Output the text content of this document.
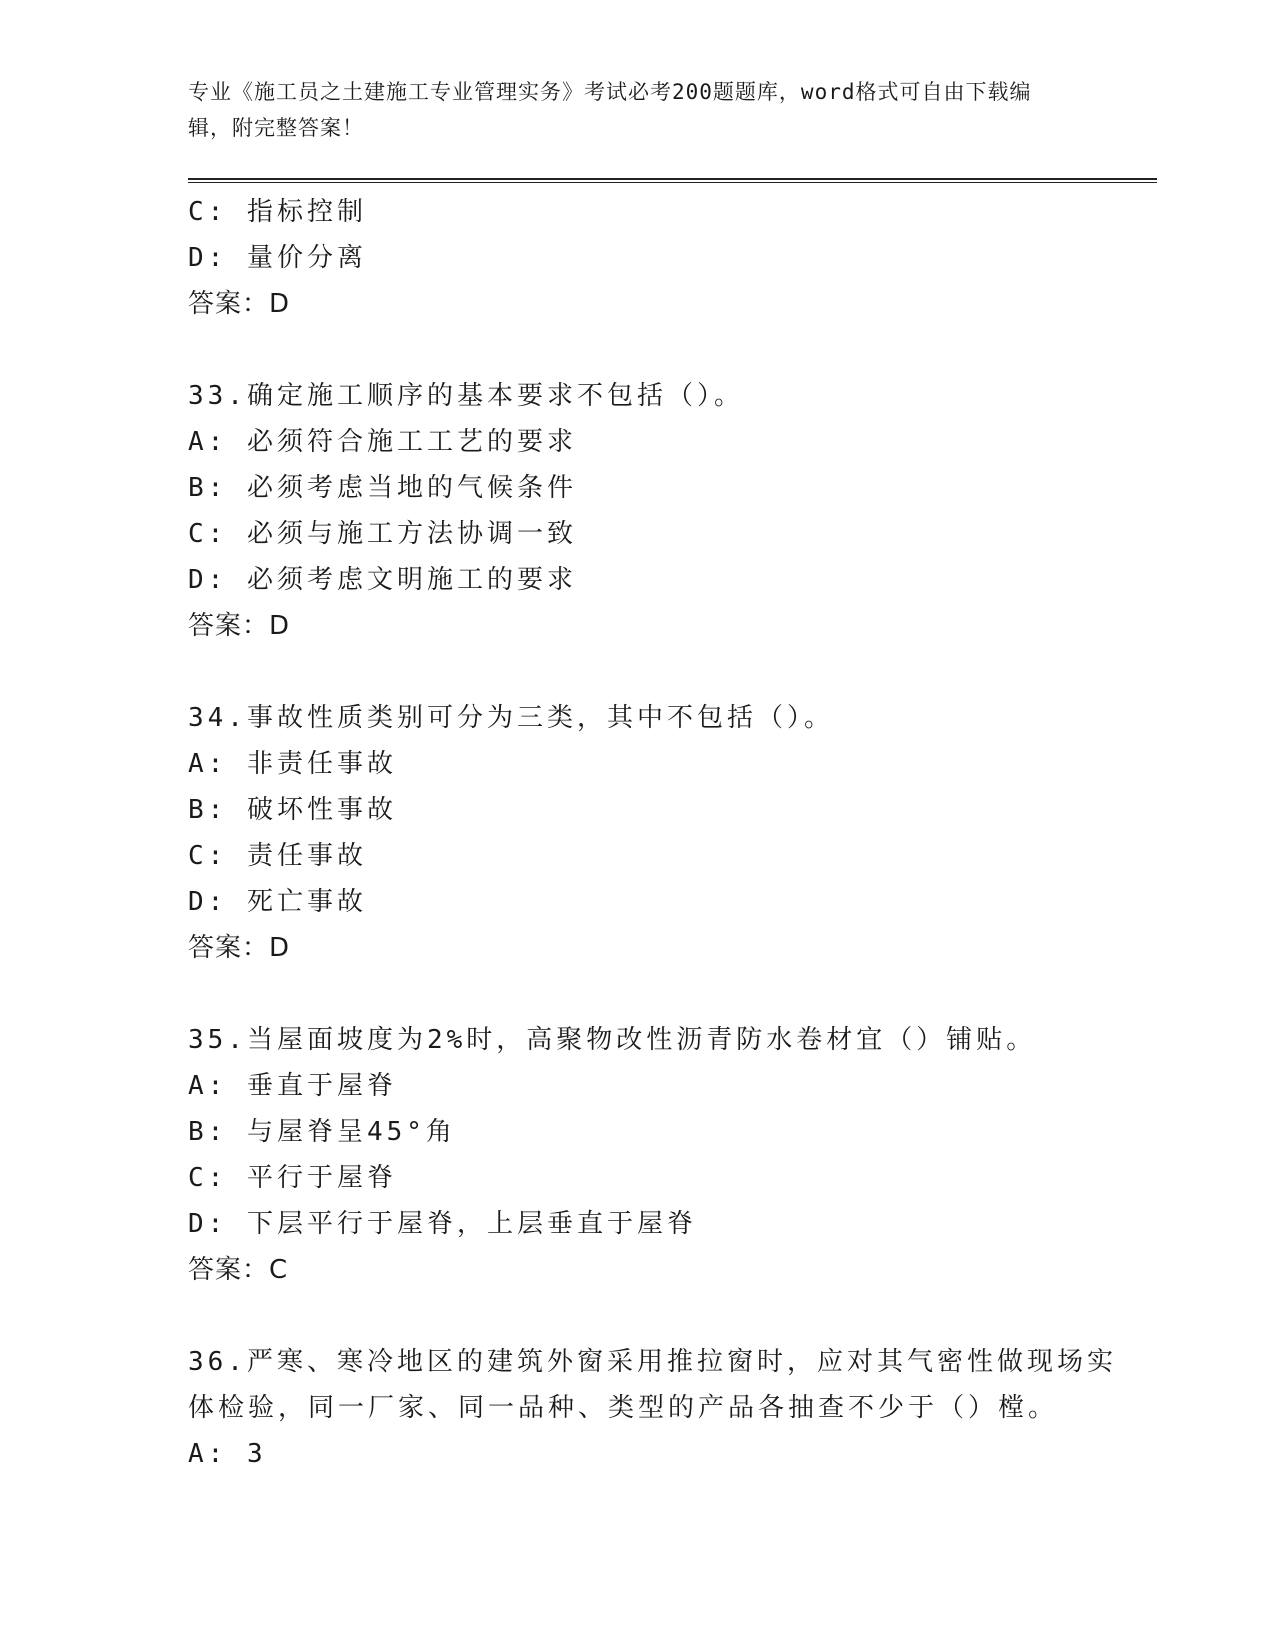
专业《施工员之土建施工专业管理实务》考试必考200题题库，word格式可自由下载编辑，附完整答案！
C: 指标控制
D: 量价分离
答案：D
33.确定施工顺序的基本要求不包括（）。
A: 必须符合施工工艺的要求
B: 必须考虑当地的气候条件
C: 必须与施工方法协调一致
D: 必须考虑文明施工的要求
答案：D
34.事故性质类别可分为三类，其中不包括（）。
A: 非责任事故
B: 破坏性事故
C: 责任事故
D: 死亡事故
答案：D
35.当屋面坡度为2%时，高聚物改性沥青防水卷材宜（）铺贴。
A: 垂直于屋脊
B: 与屋脊呈45°角
C: 平行于屋脊
D: 下层平行于屋脊，上层垂直于屋脊
答案：C
36.严寒、寒冷地区的建筑外窗采用推拉窗时，应对其气密性做现场实
体检验，同一厂家、同一品种、类型的产品各抽查不少于（）樘。
A: 3
